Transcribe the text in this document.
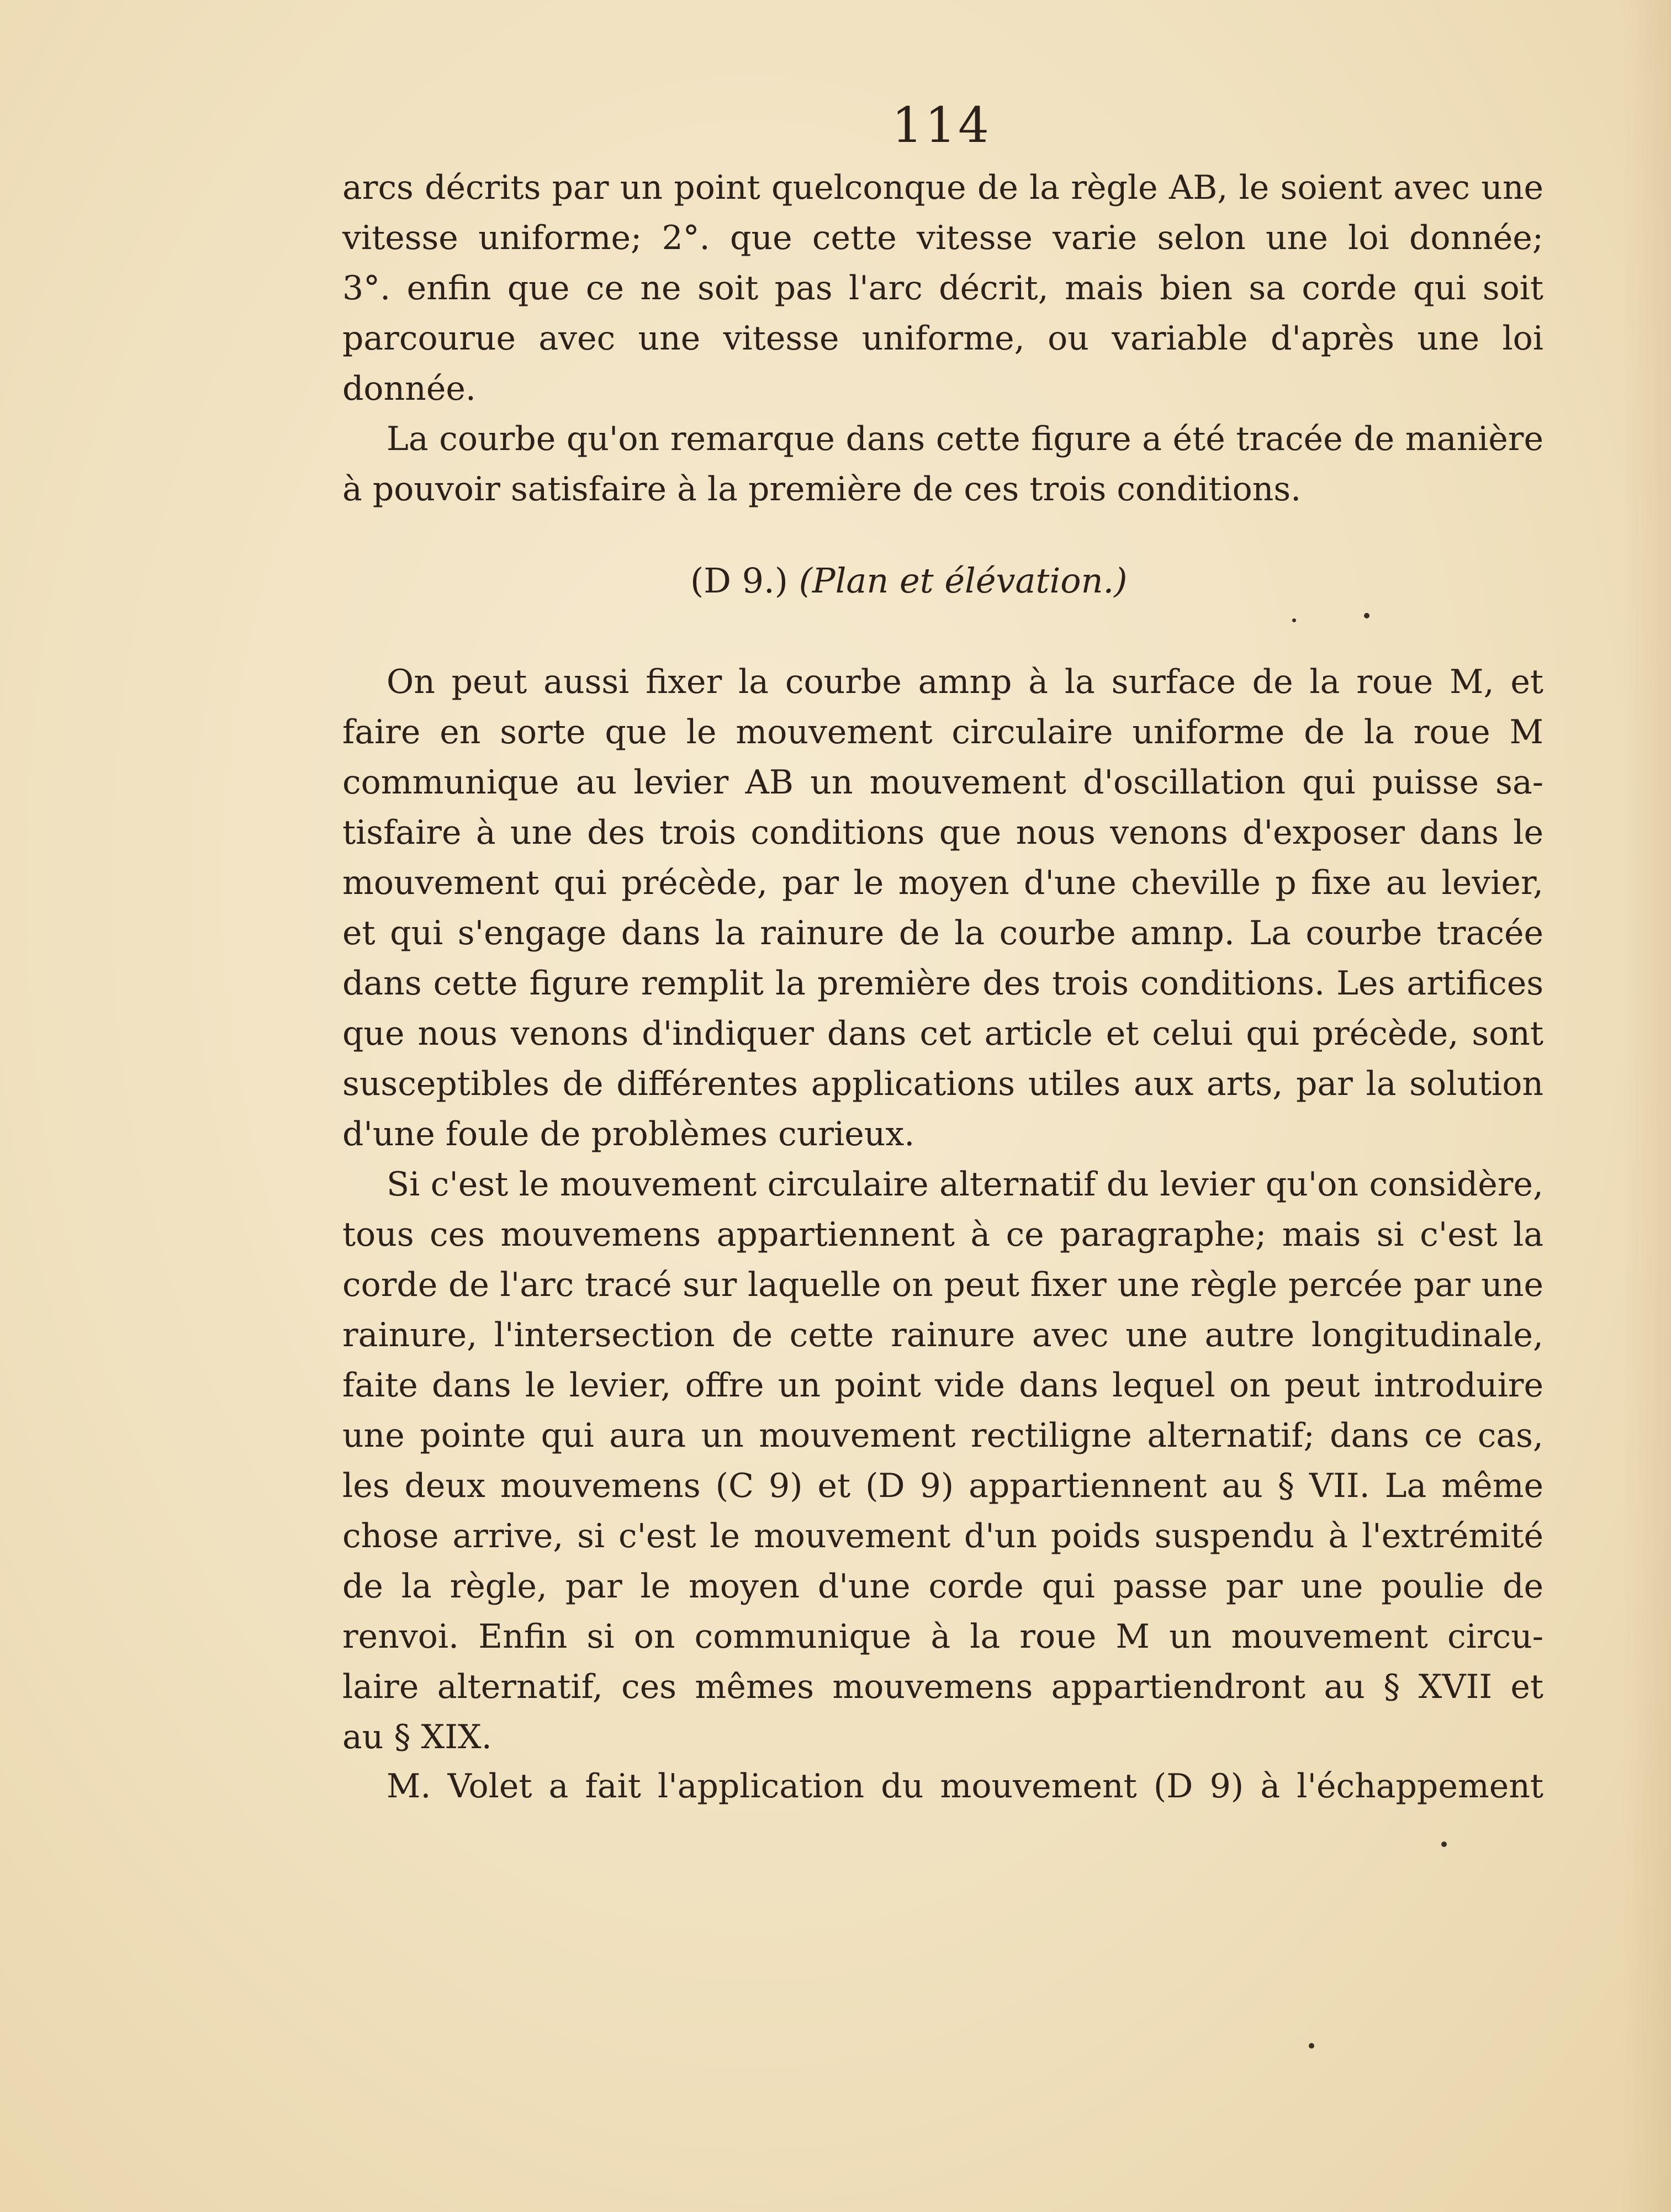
114
arcs décrits par un point quelconque de la règle AB, le soient avec une
vitesse uniforme; 2°. que cette vitesse varie selon une loi donnée;
3°. enfin que ce ne soit pas l'arc décrit, mais bien sa corde qui soit
parcourue avec une vitesse uniforme, ou variable d'après une loi
donnée.
La courbe qu'on remarque dans cette figure a été tracée de manière
à pouvoir satisfaire à la première de ces trois conditions.
(D 9.) (Plan et élévation.)
On peut aussi fixer la courbe amnp à la surface de la roue M, et
faire en sorte que le mouvement circulaire uniforme de la roue M
communique au levier AB un mouvement d'oscillation qui puisse sa-
tisfaire à une des trois conditions que nous venons d'exposer dans le
mouvement qui précède, par le moyen d'une cheville p fixe au levier,
et qui s'engage dans la rainure de la courbe amnp. La courbe tracée
dans cette figure remplit la première des trois conditions. Les artifices
que nous venons d'indiquer dans cet article et celui qui précède, sont
susceptibles de différentes applications utiles aux arts, par la solution
d'une foule de problèmes curieux.
Si c'est le mouvement circulaire alternatif du levier qu'on considère,
tous ces mouvemens appartiennent à ce paragraphe; mais si c'est la
corde de l'arc tracé sur laquelle on peut fixer une règle percée par une
rainure, l'intersection de cette rainure avec une autre longitudinale,
faite dans le levier, offre un point vide dans lequel on peut introduire
une pointe qui aura un mouvement rectiligne alternatif; dans ce cas,
les deux mouvemens (C 9) et (D 9) appartiennent au § VII. La même
chose arrive, si c'est le mouvement d'un poids suspendu à l'extrémité
de la règle, par le moyen d'une corde qui passe par une poulie de
renvoi. Enfin si on communique à la roue M un mouvement circu-
laire alternatif, ces mêmes mouvemens appartiendront au § XVII et
au § XIX.
M. Volet a fait l'application du mouvement (D 9) à l'échappement
